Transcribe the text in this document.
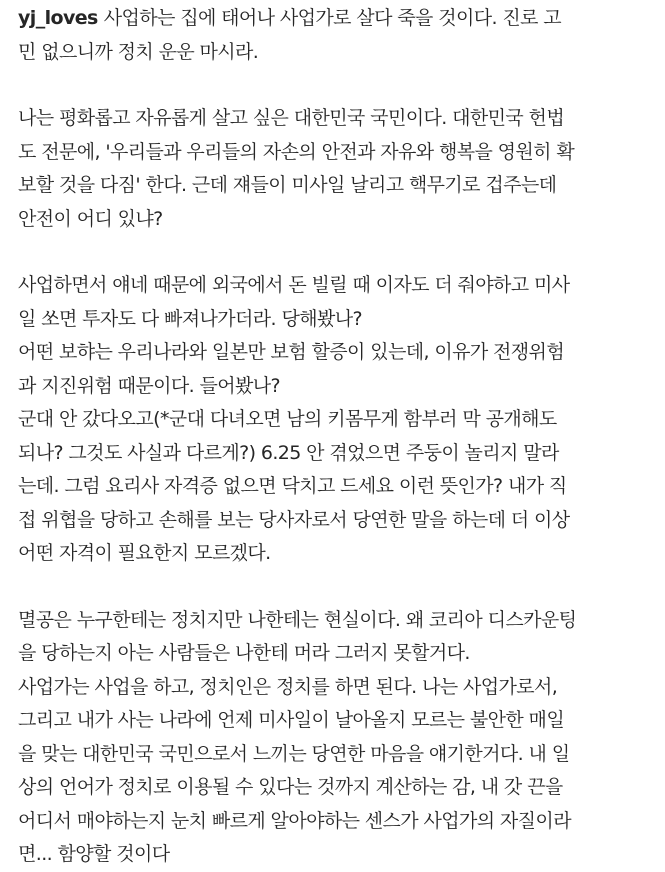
yj_loves 사업하는 집에 태어나 사업가로 살다 죽을 것이다. 진로 고
민 없으니까 정치 운운 마시라.

나는 평화롭고 자유롭게 살고 싶은 대한민국 국민이다. 대한민국 헌법
도 전문에, '우리들과 우리들의 자손의 안전과 자유와 행복을 영원히 확
보할 것을 다짐' 한다. 근데 쟤들이 미사일 날리고 핵무기로 겁주는데
안전이 어디 있냐?

사업하면서 얘네 때문에 외국에서 돈 빌릴 때 이자도 더 줘야하고 미사
일 쏘면 투자도 다 빠져나가더라. 당해봤나?
어떤 보햐는 우리나라와 일본만 보험 할증이 있는데, 이유가 전쟁위험
과 지진위험 때문이다. 들어봤나?
군대 안 갔다오고(*군대 다녀오면 남의 키몸무게 함부러 막 공개해도
되나? 그것도 사실과 다르게?) 6.25 안 겪었으면 주둥이 놀리지 말라
는데. 그럼 요리사 자격증 없으면 닥치고 드세요 이런 뜻인가? 내가 직
접 위협을 당하고 손해를 보는 당사자로서 당연한 말을 하는데 더 이상
어떤 자격이 필요한지 모르겠다.

멸공은 누구한테는 정치지만 나한테는 현실이다. 왜 코리아 디스카운팅
을 당하는지 아는 사람들은 나한테 머라 그러지 못할거다.
사업가는 사업을 하고, 정치인은 정치를 하면 된다. 나는 사업가로서,
그리고 내가 사는 나라에 언제 미사일이 날아올지 모르는 불안한 매일
을 맞는 대한민국 국민으로서 느끼는 당연한 마음을 얘기한거다. 내 일
상의 언어가 정치로 이용될 수 있다는 것까지 계산하는 감, 내 갓 끈을
어디서 매야하는지 눈치 빠르게 알아야하는 센스가 사업가의 자질이라
면... 함양할 것이다
